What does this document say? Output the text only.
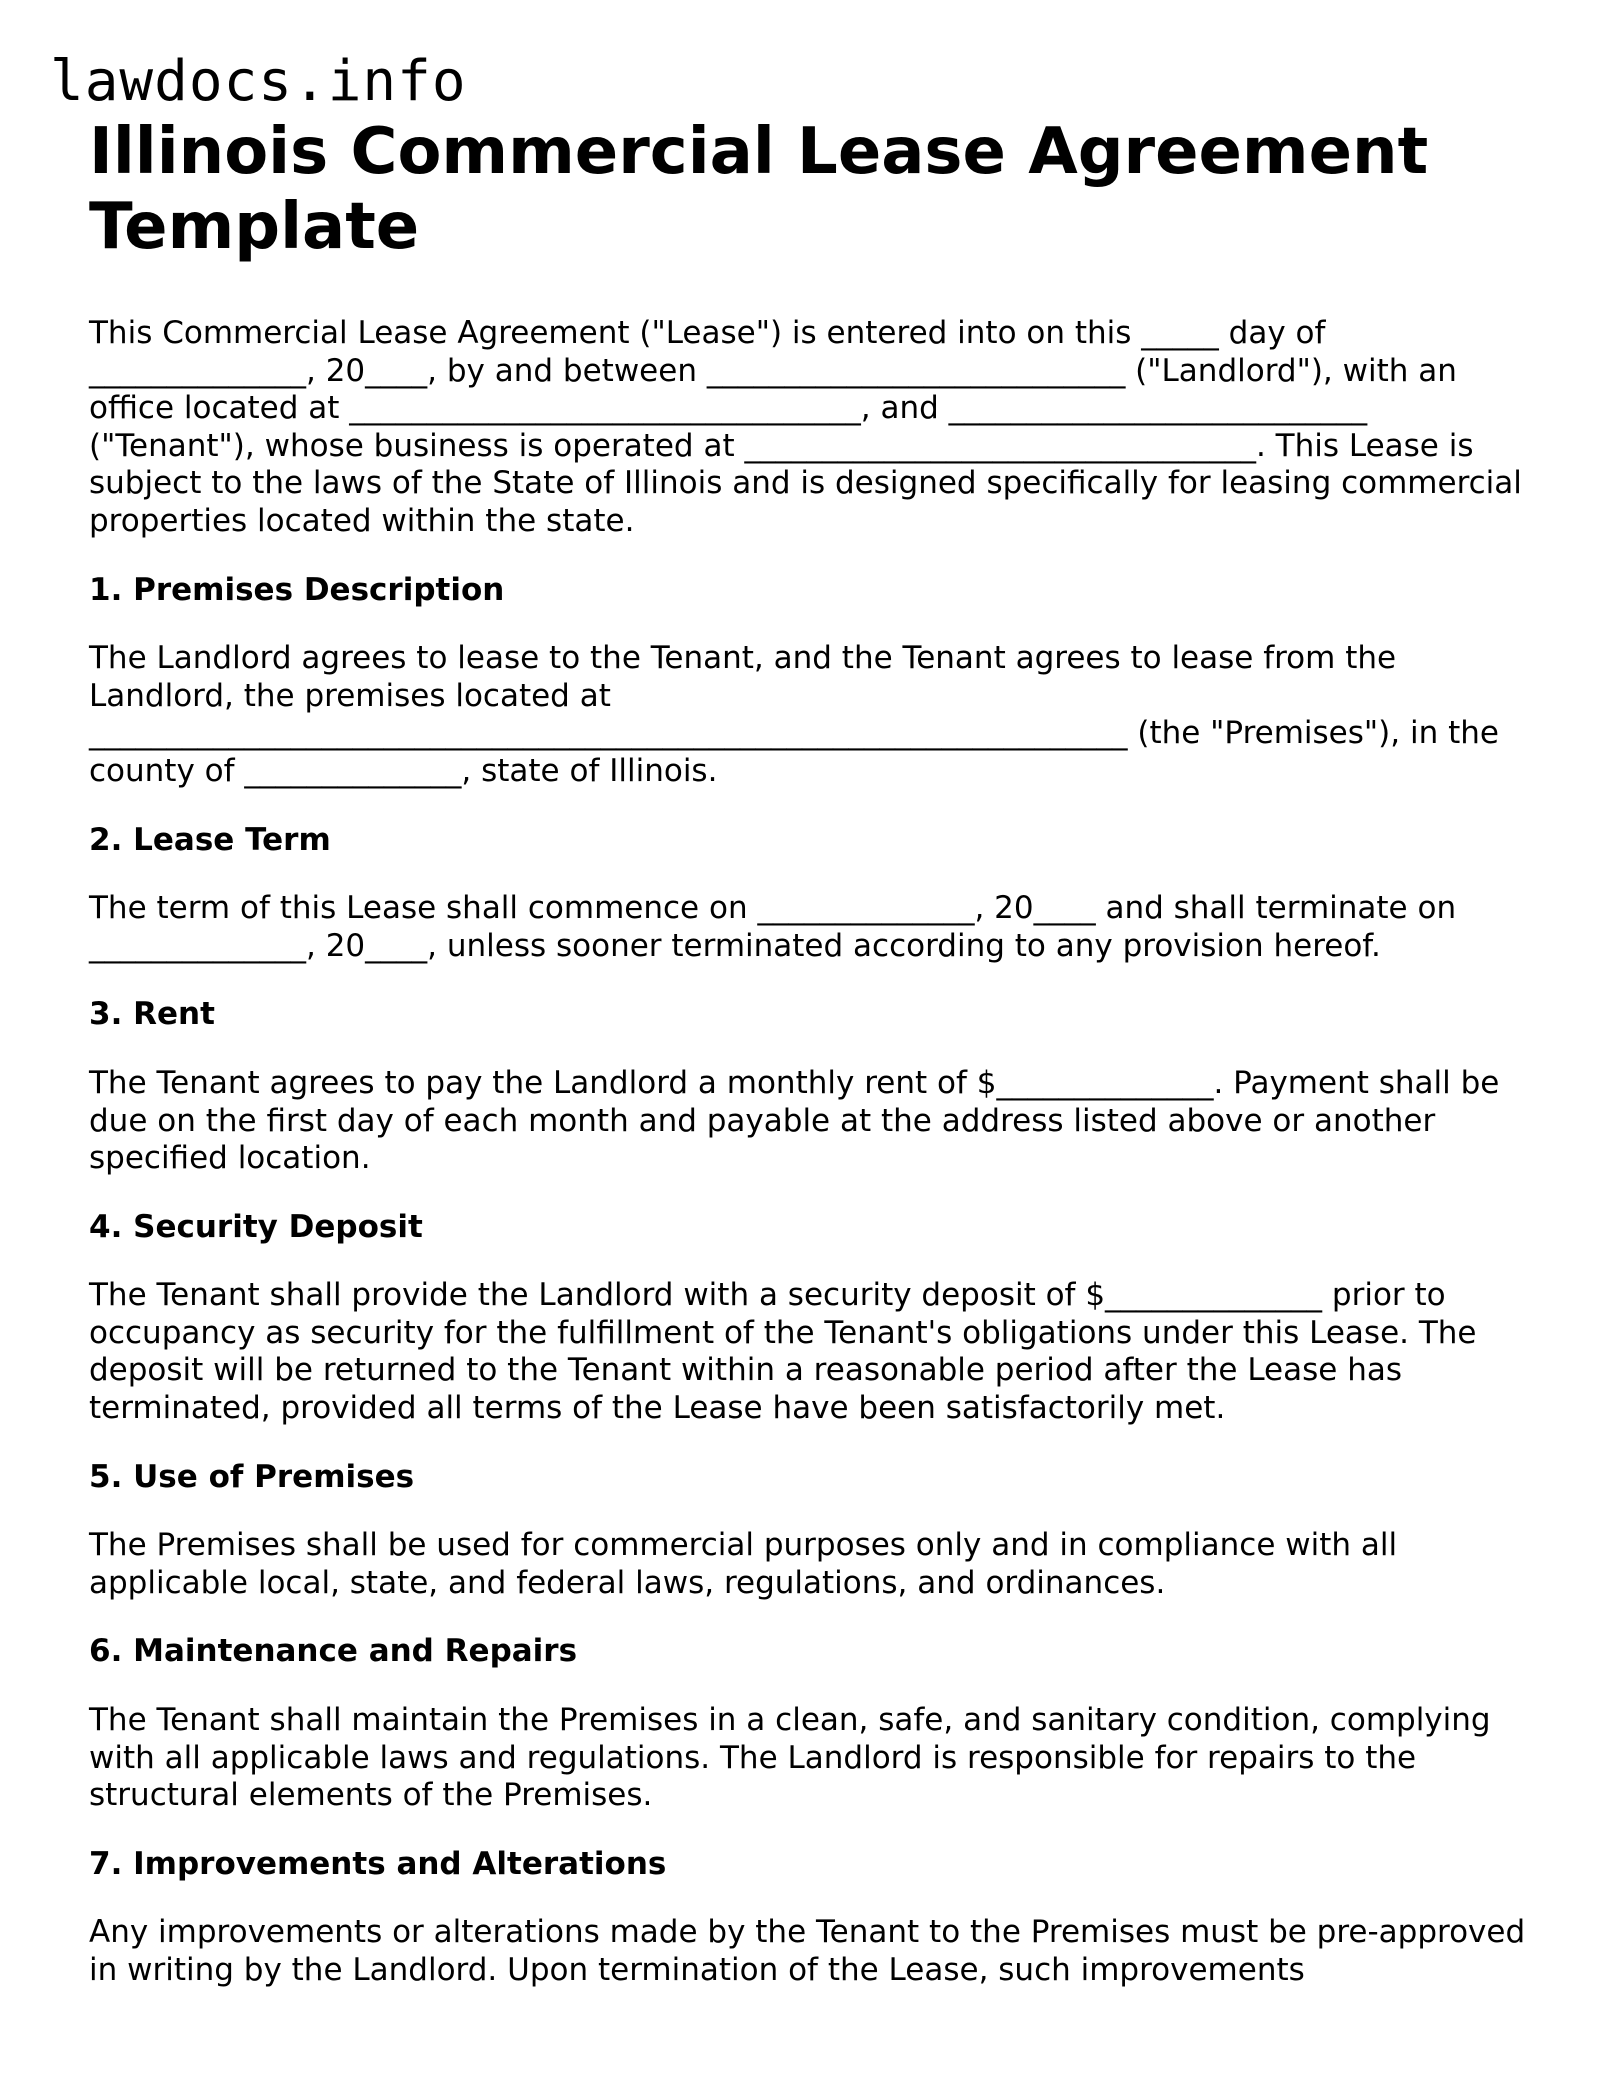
lawdocs.info
Illinois Commercial Lease Agreement Template

This Commercial Lease Agreement ("Lease") is entered into on this _____ day of ______________, 20____, by and between ___________________________ ("Landlord"), with an office located at _________________________________, and ___________________________ ("Tenant"), whose business is operated at _________________________________. This Lease is subject to the laws of the State of Illinois and is designed specifically for leasing commercial properties located within the state.

1. Premises Description

The Landlord agrees to lease to the Tenant, and the Tenant agrees to lease from the Landlord, the premises located at ___________________________________________________________________ (the "Premises"), in the county of ______________, state of Illinois.

2. Lease Term

The term of this Lease shall commence on ______________, 20____ and shall terminate on ______________, 20____, unless sooner terminated according to any provision hereof.

3. Rent

The Tenant agrees to pay the Landlord a monthly rent of $______________. Payment shall be due on the first day of each month and payable at the address listed above or another specified location.

4. Security Deposit

The Tenant shall provide the Landlord with a security deposit of $______________ prior to occupancy as security for the fulfillment of the Tenant's obligations under this Lease. The deposit will be returned to the Tenant within a reasonable period after the Lease has terminated, provided all terms of the Lease have been satisfactorily met.

5. Use of Premises

The Premises shall be used for commercial purposes only and in compliance with all applicable local, state, and federal laws, regulations, and ordinances.

6. Maintenance and Repairs

The Tenant shall maintain the Premises in a clean, safe, and sanitary condition, complying with all applicable laws and regulations. The Landlord is responsible for repairs to the structural elements of the Premises.

7. Improvements and Alterations

Any improvements or alterations made by the Tenant to the Premises must be pre-approved in writing by the Landlord. Upon termination of the Lease, such improvements
